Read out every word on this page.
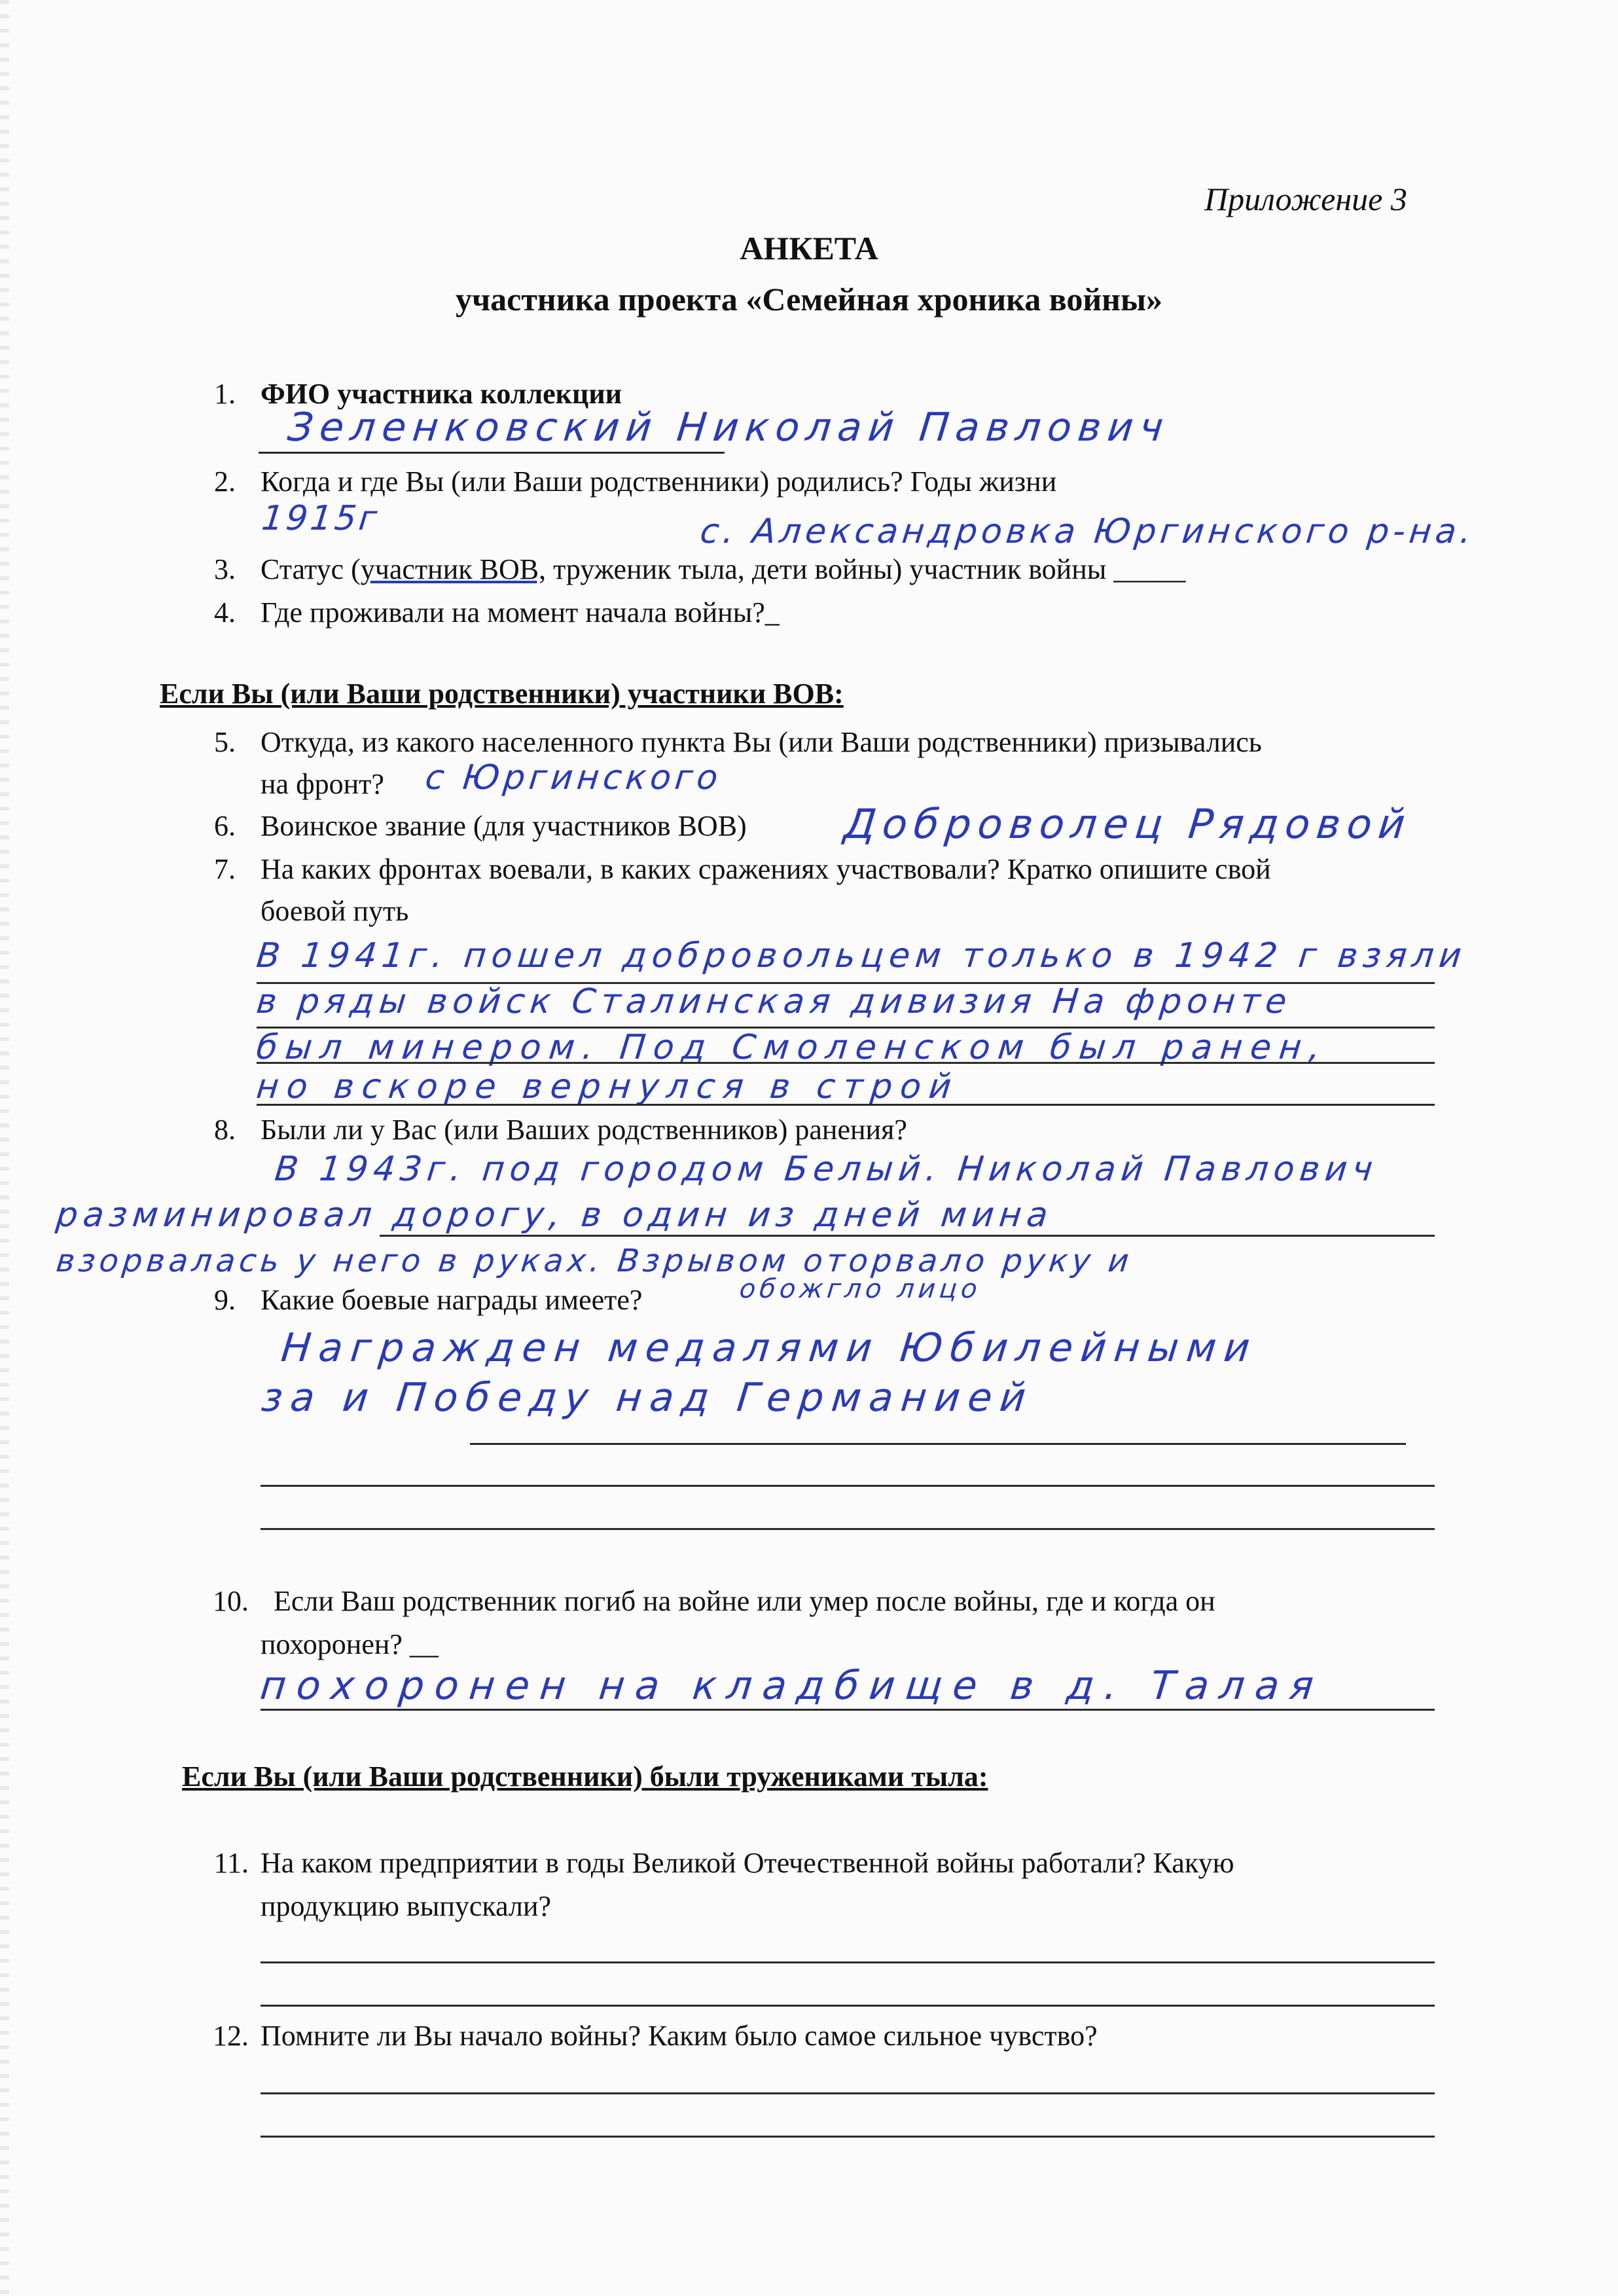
Приложение 3
АНКЕТА
участника проекта «Семейная хроника войны»
1. ФИО участника коллекции
Зеленковский Николай Павлович
2. Когда и где Вы (или Ваши родственники) родились? Годы жизни
1915г	с. Александровка Юргинского р-на.
3. Статус (участник ВОВ, труженик тыла, дети войны) участник войны _____
4. Где проживали на момент начала войны?_
Если Вы (или Ваши родственники) участники ВОВ:
5. Откуда, из какого населенного пункта Вы (или Ваши родственники) призывались
на фронт? с Юргинского
6. Воинское звание (для участников ВОВ) Доброволец Рядовой
7. На каких фронтах воевали, в каких сражениях участвовали? Кратко опишите свой
боевой путь
В 1941г. пошел добровольцем только в 1942 г взяли
в ряды войск Сталинская дивизия На фронте
был минером. Под Смоленском был ранен,
но вскоре вернулся в строй
8. Были ли у Вас (или Ваших родственников) ранения?
В 1943г. под городом Белый. Николай Павлович
разминировал дорогу, в один из дней мина
взорвалась у него в руках. Взрывом оторвало руку и
обожгло лицо
9. Какие боевые награды имеете?
Награжден медалями Юбилейными
за и Победу над Германией
10. Если Ваш родственник погиб на войне или умер после войны, где и когда он
похоронен? __
похоронен на кладбище в д. Талая
Если Вы (или Ваши родственники) были тружениками тыла:
11. На каком предприятии в годы Великой Отечественной войны работали? Какую
продукцию выпускали?
12. Помните ли Вы начало войны? Каким было самое сильное чувство?
